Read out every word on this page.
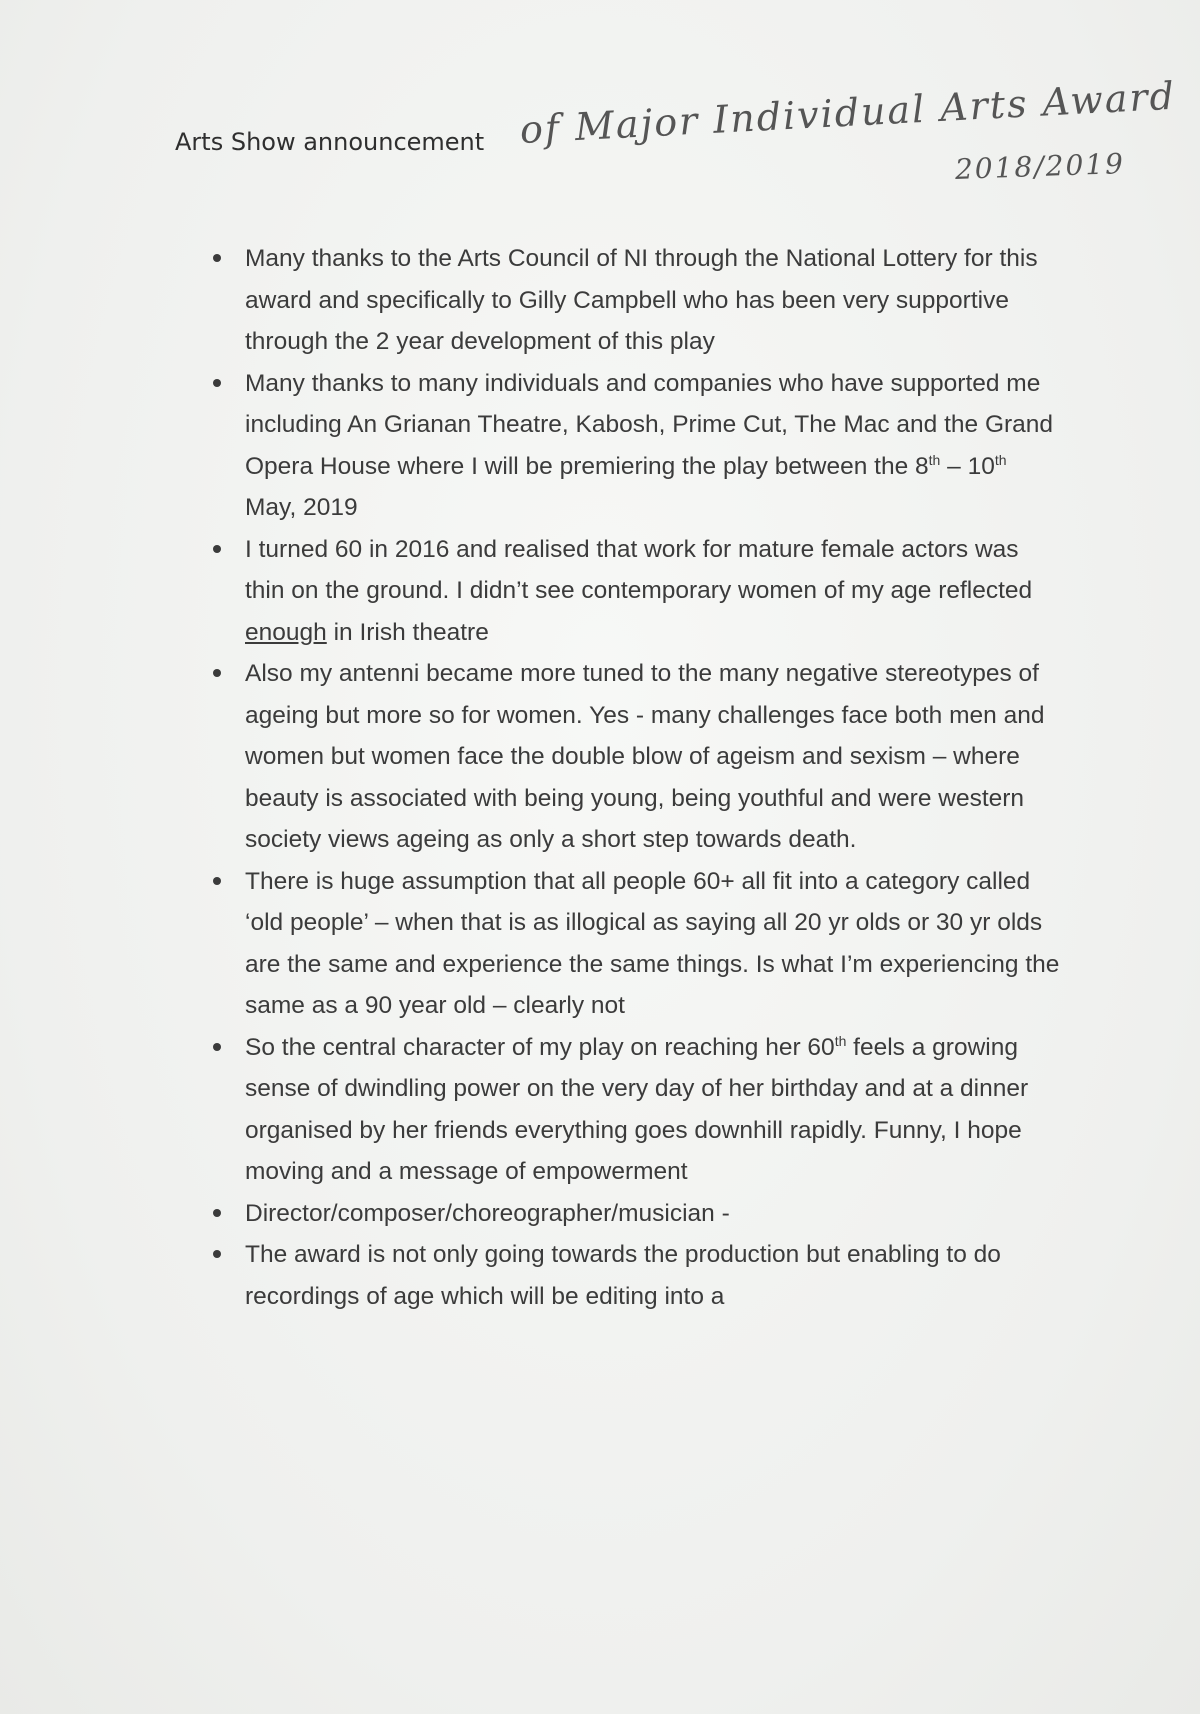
Arts Show announcement of Major Individual Arts Award
2018/2019
Many thanks to the Arts Council of NI through the National Lottery for this award and specifically to Gilly Campbell who has been very supportive through the 2 year development of this play
Many thanks to many individuals and companies who have supported me including An Grianan Theatre, Kabosh, Prime Cut, The Mac and the Grand Opera House where I will be premiering the play between the 8th – 10th May, 2019
I turned 60 in 2016 and realised that work for mature female actors was thin on the ground. I didn’t see contemporary women of my age reflected enough in Irish theatre
Also my antenni became more tuned to the many negative stereotypes of ageing but more so for women. Yes - many challenges face both men and women but women face the double blow of ageism and sexism – where beauty is associated with being young, being youthful and were western society views ageing as only a short step towards death.
There is huge assumption that all people 60+ all fit into a category called ‘old people’ – when that is as illogical as saying all 20 yr olds or 30 yr olds are the same and experience the same things. Is what I’m experiencing the same as a 90 year old – clearly not
So the central character of my play on reaching her 60th feels a growing sense of dwindling power on the very day of her birthday and at a dinner organised by her friends everything goes downhill rapidly. Funny, I hope moving and a message of empowerment
Director/composer/choreographer/musician -
The award is not only going towards the production but enabling to do recordings of age which will be editing into a
